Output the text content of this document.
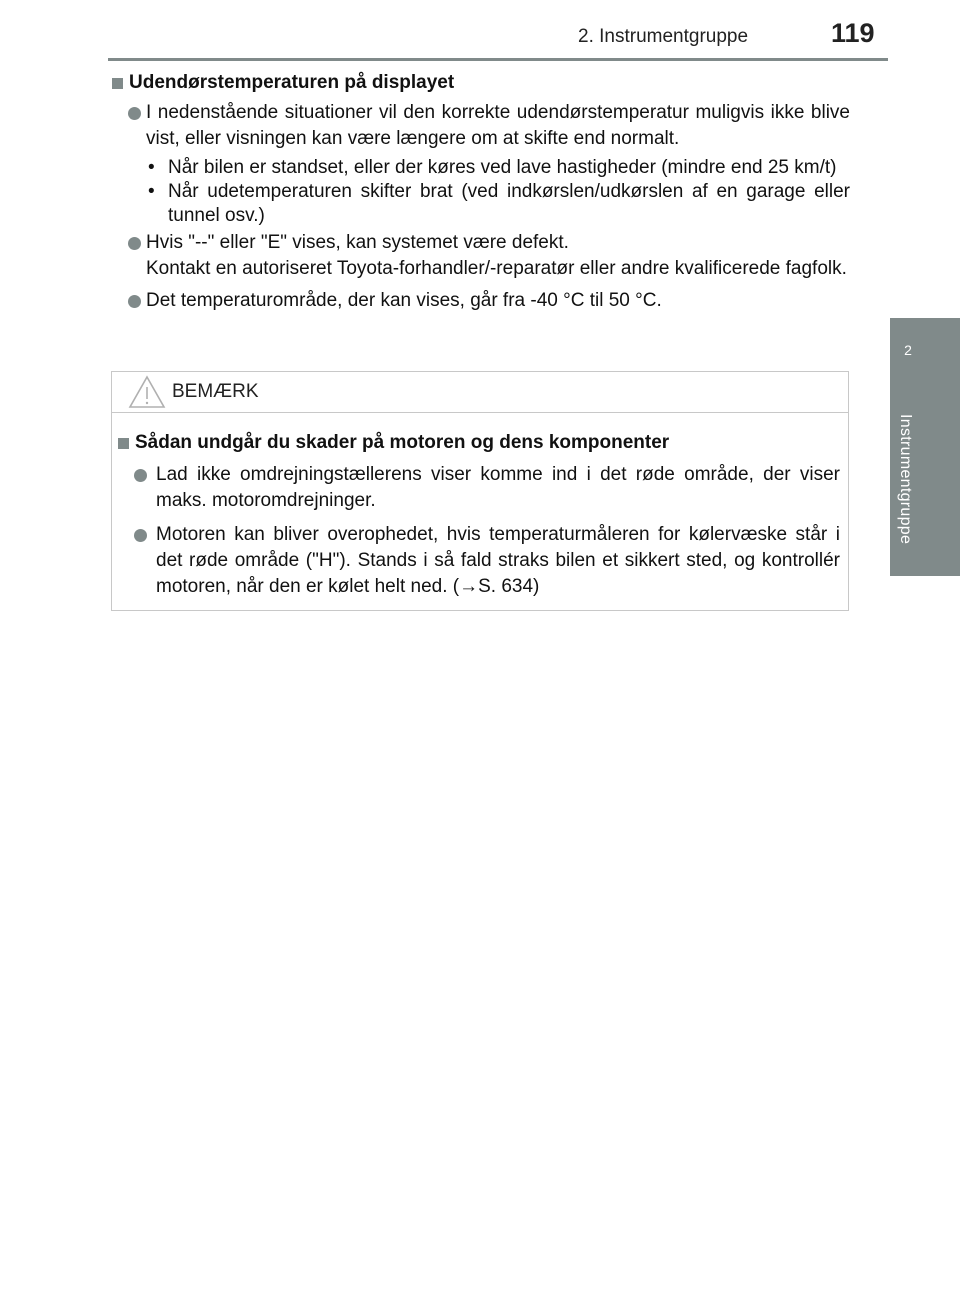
2. Instrumentgruppe	119
2
Instrumentgruppe
Udendørstemperaturen på displayet
I nedenstående situationer vil den korrekte udendørstemperatur muligvis ikke blive vist, eller visningen kan være længere om at skifte end normalt.
• Når bilen er standset, eller der køres ved lave hastigheder (mindre end 25 km/t)
• Når udetemperaturen skifter brat (ved indkørslen/udkørslen af en garage eller tunnel osv.)
Hvis "--" eller "E" vises, kan systemet være defekt.
Kontakt en autoriseret Toyota-forhandler/-reparatør eller andre kvalificerede fagfolk.
Det temperaturområde, der kan vises, går fra -40 °C til 50 °C.
BEMÆRK
Sådan undgår du skader på motoren og dens komponenter
Lad ikke omdrejningstællerens viser komme ind i det røde område, der viser maks. motoromdrejninger.
Motoren kan bliver overophedet, hvis temperaturmåleren for kølervæske står i det røde område ("H"). Stands i så fald straks bilen et sikkert sted, og kontrollér motoren, når den er kølet helt ned. (→S. 634)
